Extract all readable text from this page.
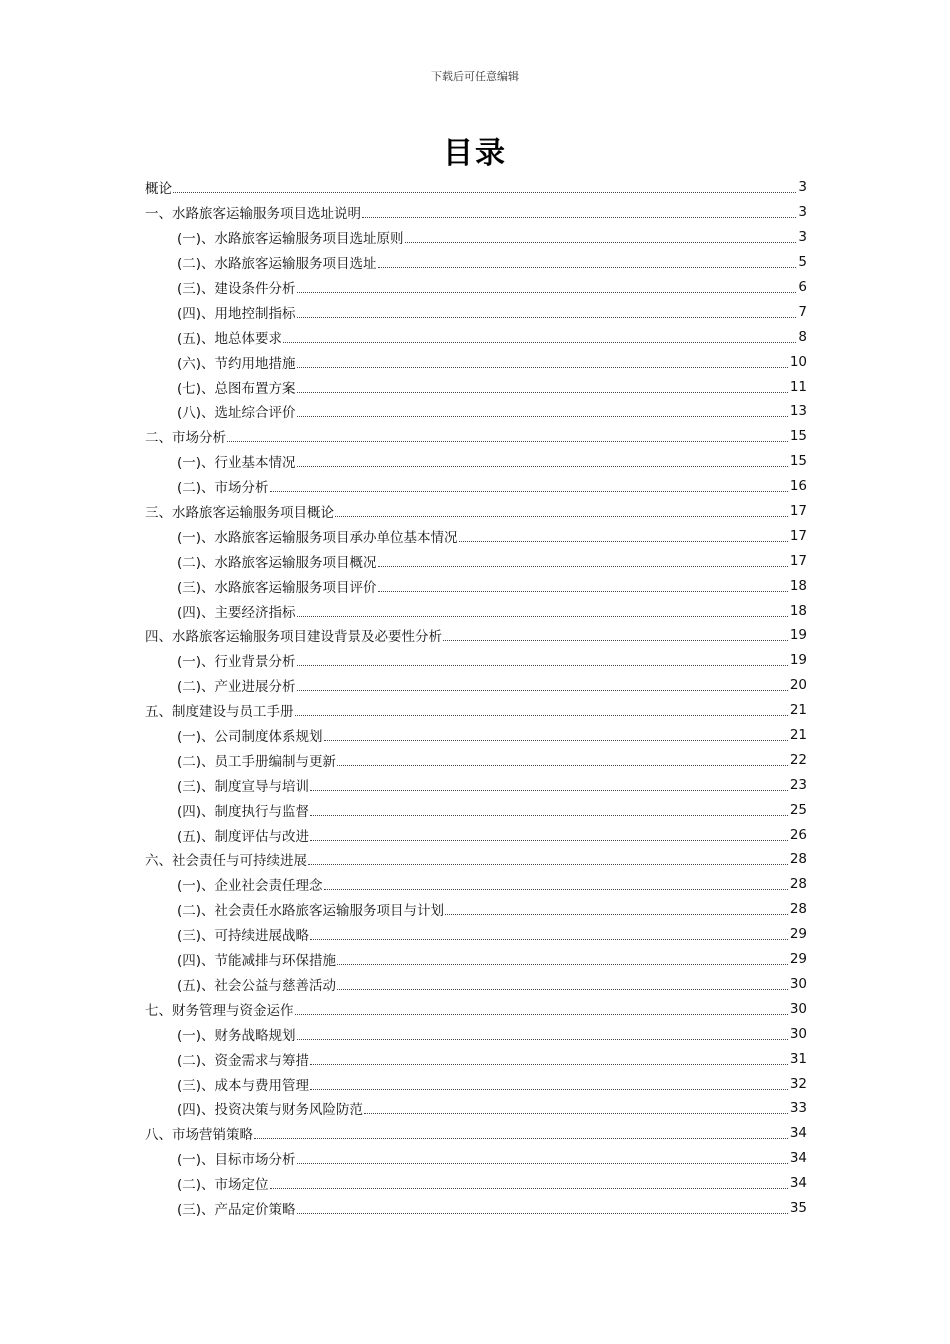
下载后可任意编辑
目录
概论	3
一、水路旅客运输服务项目选址说明	3
(一)、水路旅客运输服务项目选址原则	3
(二)、水路旅客运输服务项目选址	5
(三)、建设条件分析	6
(四)、用地控制指标	7
(五)、地总体要求	8
(六)、节约用地措施	10
(七)、总图布置方案	11
(八)、选址综合评价	13
二、市场分析	15
(一)、行业基本情况	15
(二)、市场分析	16
三、水路旅客运输服务项目概论	17
(一)、水路旅客运输服务项目承办单位基本情况	17
(二)、水路旅客运输服务项目概况	17
(三)、水路旅客运输服务项目评价	18
(四)、主要经济指标	18
四、水路旅客运输服务项目建设背景及必要性分析	19
(一)、行业背景分析	19
(二)、产业进展分析	20
五、制度建设与员工手册	21
(一)、公司制度体系规划	21
(二)、员工手册编制与更新	22
(三)、制度宣导与培训	23
(四)、制度执行与监督	25
(五)、制度评估与改进	26
六、社会责任与可持续进展	28
(一)、企业社会责任理念	28
(二)、社会责任水路旅客运输服务项目与计划	28
(三)、可持续进展战略	29
(四)、节能减排与环保措施	29
(五)、社会公益与慈善活动	30
七、财务管理与资金运作	30
(一)、财务战略规划	30
(二)、资金需求与筹措	31
(三)、成本与费用管理	32
(四)、投资决策与财务风险防范	33
八、市场营销策略	34
(一)、目标市场分析	34
(二)、市场定位	34
(三)、产品定价策略	35
